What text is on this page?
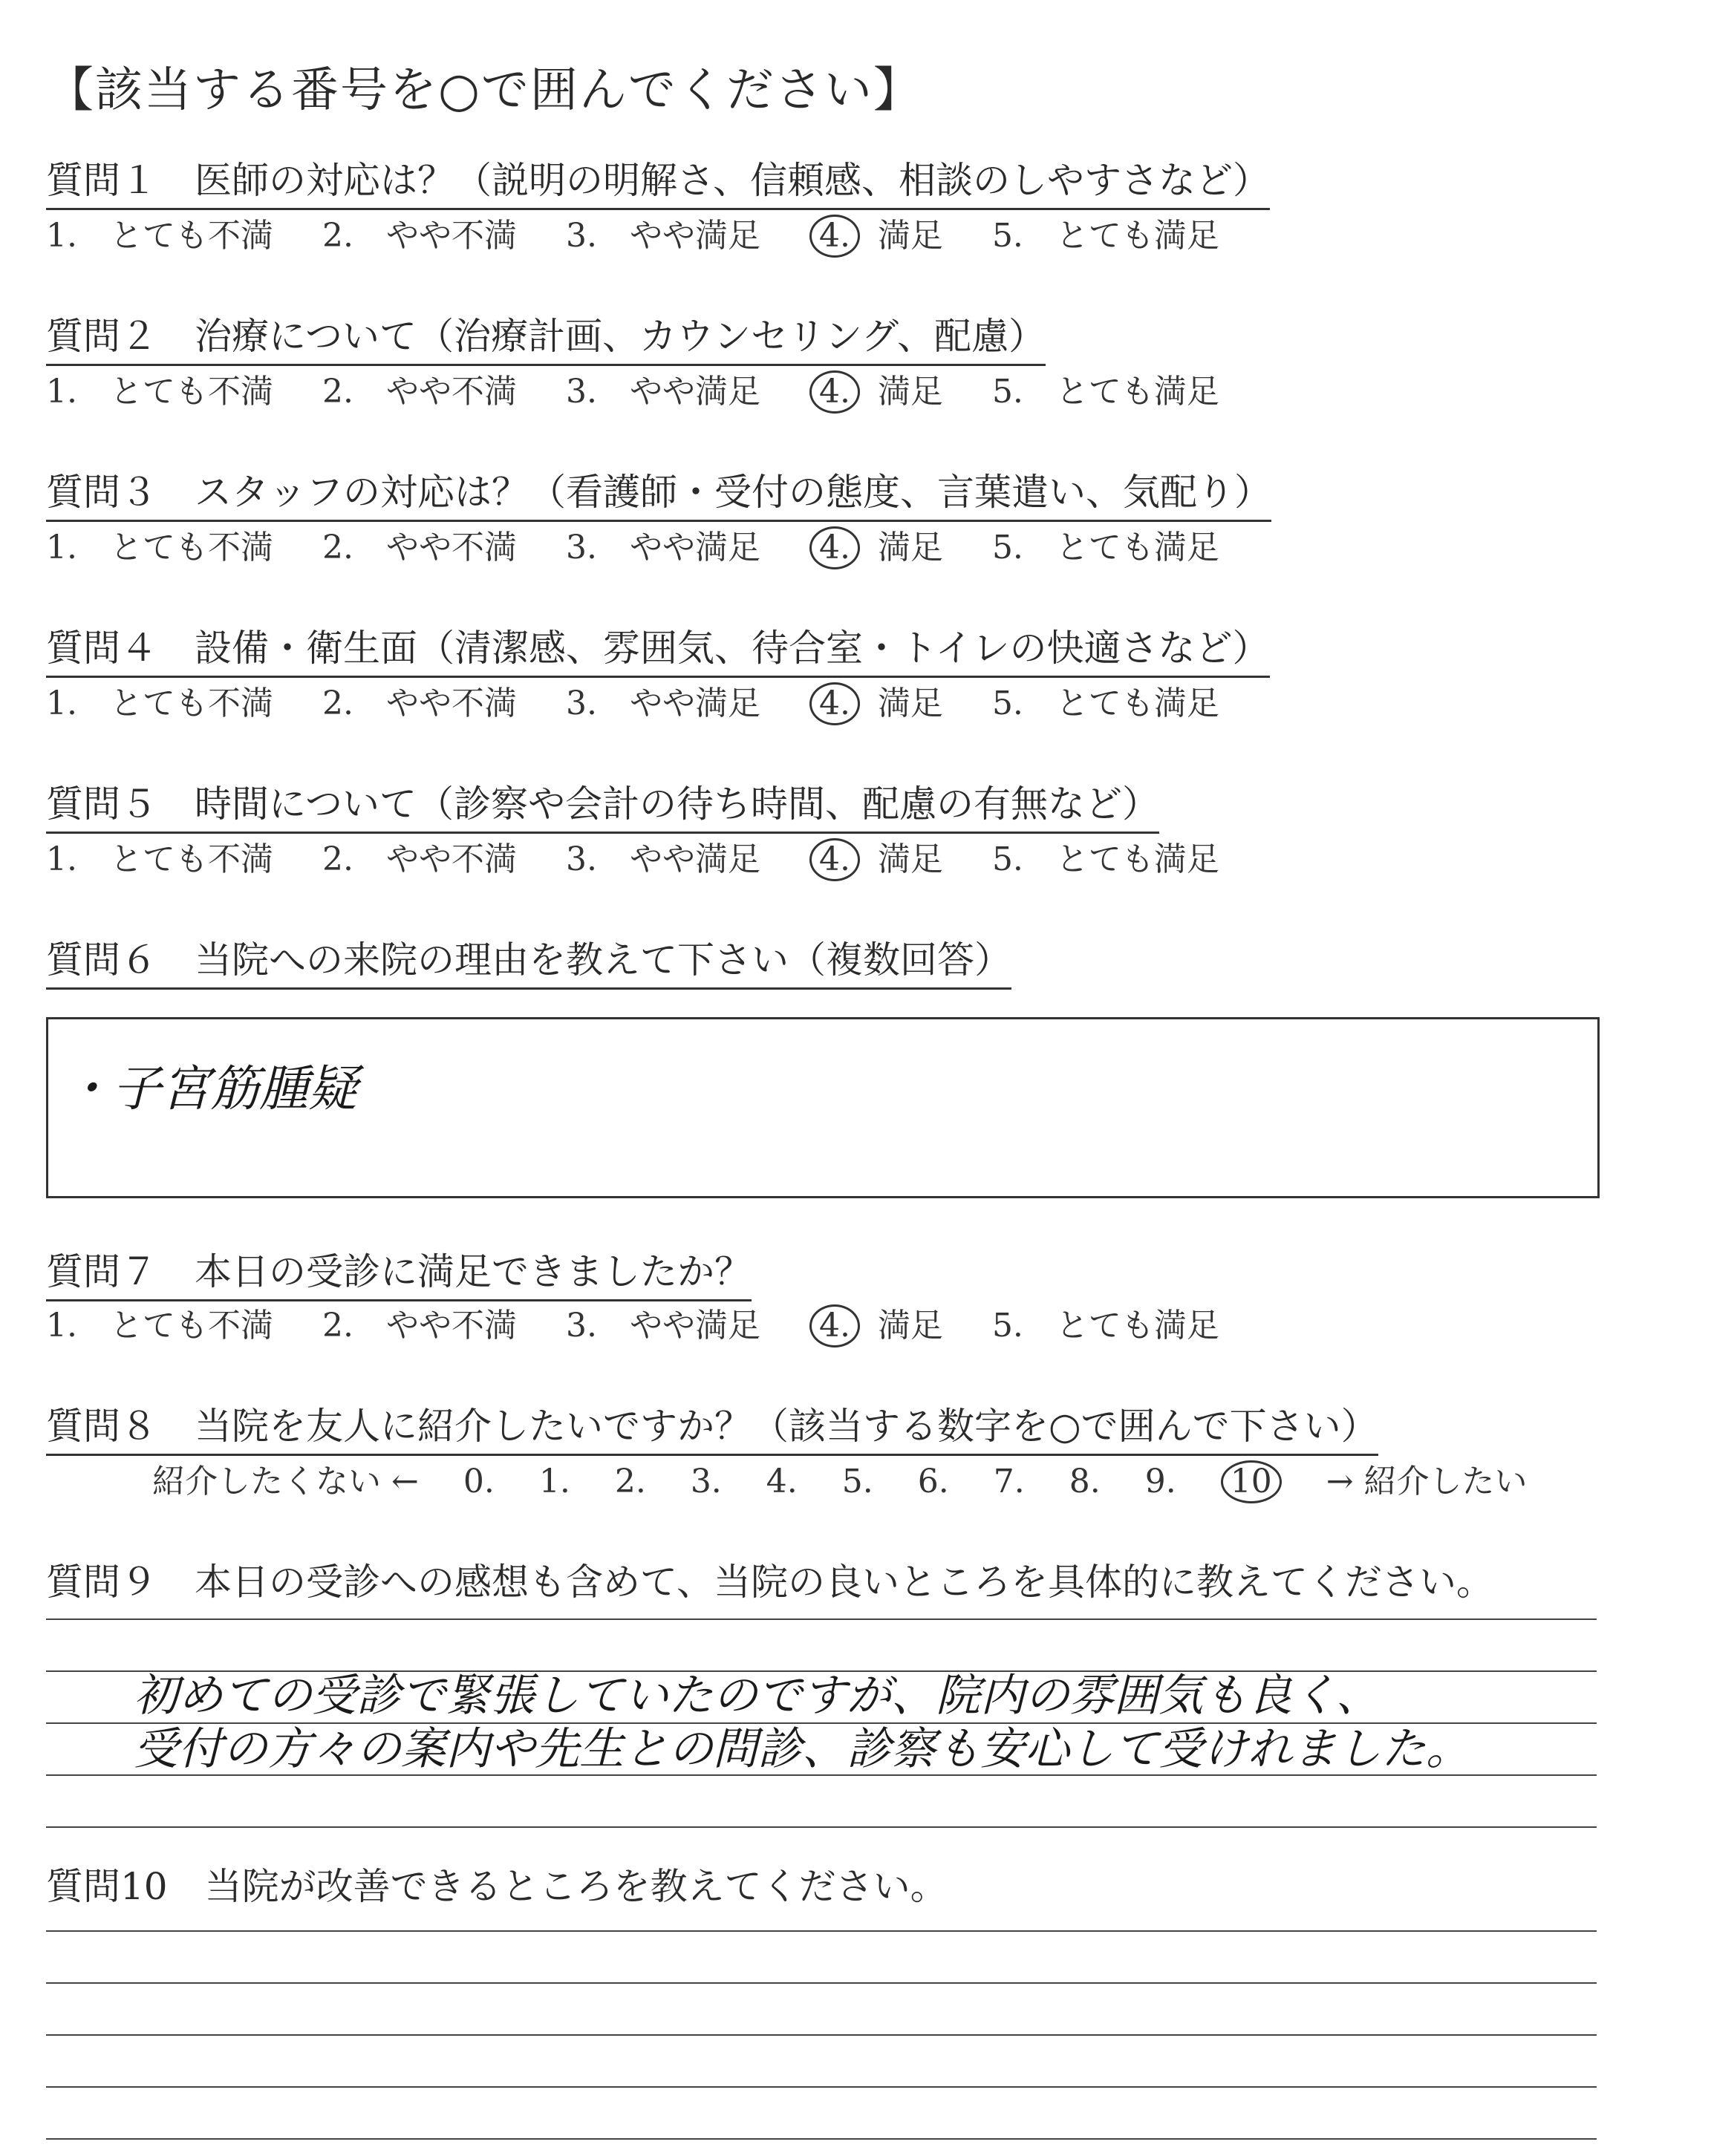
【該当する番号を○で囲んでください】
質問１　医師の対応は？（説明の明解さ、信頼感、相談のしやすさなど）
1.　とても不満 2.　やや不満 3.　やや満足 4. 満足 5.　とても満足
質問２　治療について（治療計画、カウンセリング、配慮）
1.　とても不満 2.　やや不満 3.　やや満足 4. 満足 5.　とても満足
質問３　スタッフの対応は？（看護師・受付の態度、言葉遣い、気配り）
1.　とても不満 2.　やや不満 3.　やや満足 4. 満足 5.　とても満足
質問４　設備・衛生面（清潔感、雰囲気、待合室・トイレの快適さなど）
1.　とても不満 2.　やや不満 3.　やや満足 4. 満足 5.　とても満足
質問５　時間について（診察や会計の待ち時間、配慮の有無など）
1.　とても不満 2.　やや不満 3.　やや満足 4. 満足 5.　とても満足
質問６　当院への来院の理由を教えて下さい（複数回答）
・子宮筋腫疑
質問７　本日の受診に満足できましたか？
1.　とても不満 2.　やや不満 3.　やや満足 4. 満足 5.　とても満足
質問８　当院を友人に紹介したいですか？（該当する数字を○で囲んで下さい）
紹介したくない ← 0. 1. 2. 3. 4. 5. 6. 7. 8. 9. 10 → 紹介したい
質問９　本日の受診への感想も含めて、当院の良いところを具体的に教えてください。
初めての受診で緊張していたのですが、院内の雰囲気も良く、
受付の方々の案内や先生との問診、診察も安心して受けれました。
質問10　当院が改善できるところを教えてください。
